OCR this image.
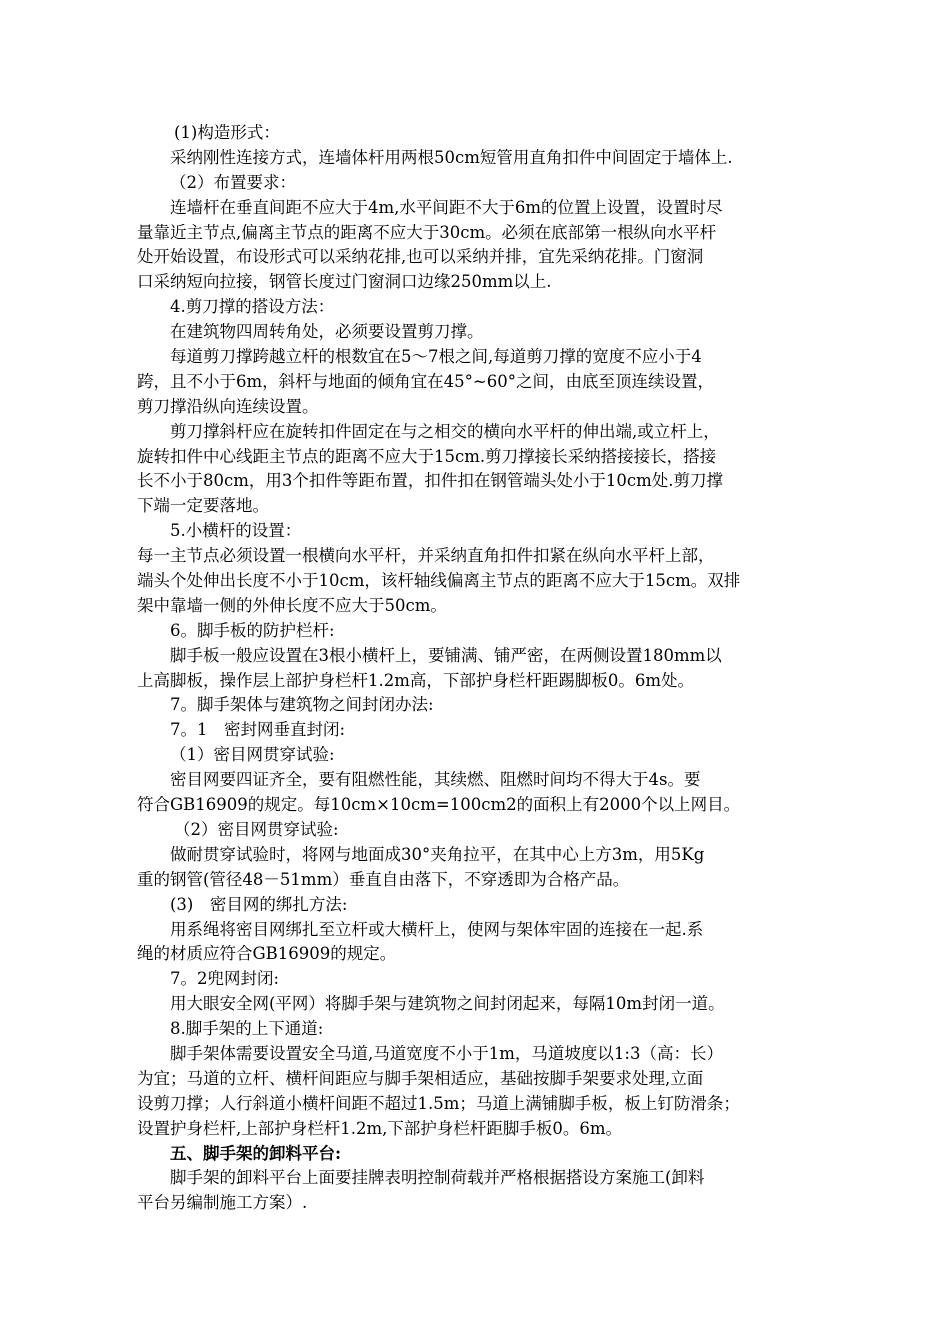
(1)构造形式：
采纳刚性连接方式，连墙体杆用两根50cm短管用直角扣件中间固定于墙体上.
（2）布置要求：
连墙杆在垂直间距不应大于4m,水平间距不大于6m的位置上设置，设置时尽
量靠近主节点,偏离主节点的距离不应大于30cm。必须在底部第一根纵向水平杆
处开始设置，布设形式可以采纳花排,也可以采纳并排，宜先采纳花排。门窗洞
口采纳短向拉接，钢管长度过门窗洞口边缘250mm以上.
4.剪刀撑的搭设方法：
在建筑物四周转角处，必须要设置剪刀撑。
每道剪刀撑跨越立杆的根数宜在5～7根之间,每道剪刀撑的宽度不应小于4
跨，且不小于6m，斜杆与地面的倾角宜在45°~60°之间，由底至顶连续设置，
剪刀撑沿纵向连续设置。
剪刀撑斜杆应在旋转扣件固定在与之相交的横向水平杆的伸出端,或立杆上，
旋转扣件中心线距主节点的距离不应大于15cm.剪刀撑接长采纳搭接接长，搭接
长不小于80cm，用3个扣件等距布置，扣件扣在钢管端头处小于10cm处.剪刀撑
下端一定要落地。
5.小横杆的设置：
每一主节点必须设置一根横向水平杆，并采纳直角扣件扣紧在纵向水平杆上部，
端头个处伸出长度不小于10cm，该杆轴线偏离主节点的距离不应大于15cm。双排
架中靠墙一侧的外伸长度不应大于50cm。
6。脚手板的防护栏杆:
脚手板一般应设置在3根小横杆上，要铺满、铺严密，在两侧设置180mm以
上高脚板，操作层上部护身栏杆1.2m高，下部护身栏杆距踢脚板0。6m处。
7。脚手架体与建筑物之间封闭办法:
7。1　密封网垂直封闭:
（1）密目网贯穿试验:
密目网要四证齐全，要有阻燃性能，其续燃、阻燃时间均不得大于4s。要
符合GB16909的规定。每10cm×10cm=100cm2的面积上有2000个以上网目。
（2）密目网贯穿试验:
做耐贯穿试验时，将网与地面成30°夹角拉平，在其中心上方3m，用5Kg
重的钢管(管径48－51mm）垂直自由落下，不穿透即为合格产品。
(3)　密目网的绑扎方法:
用系绳将密目网绑扎至立杆或大横杆上，使网与架体牢固的连接在一起.系
绳的材质应符合GB16909的规定。
7。2兜网封闭:
用大眼安全网(平网）将脚手架与建筑物之间封闭起来，每隔10m封闭一道。
8.脚手架的上下通道:
脚手架体需要设置安全马道,马道宽度不小于1m，马道坡度以1:3（高：长）
为宜；马道的立杆、横杆间距应与脚手架相适应，基础按脚手架要求处理,立面
设剪刀撑；人行斜道小横杆间距不超过1.5m；马道上满铺脚手板，板上钉防滑条；
设置护身栏杆,上部护身栏杆1.2m,下部护身栏杆距脚手板0。6m。
五、脚手架的卸料平台:
脚手架的卸料平台上面要挂牌表明控制荷载并严格根据搭设方案施工(卸料
平台另编制施工方案）.
